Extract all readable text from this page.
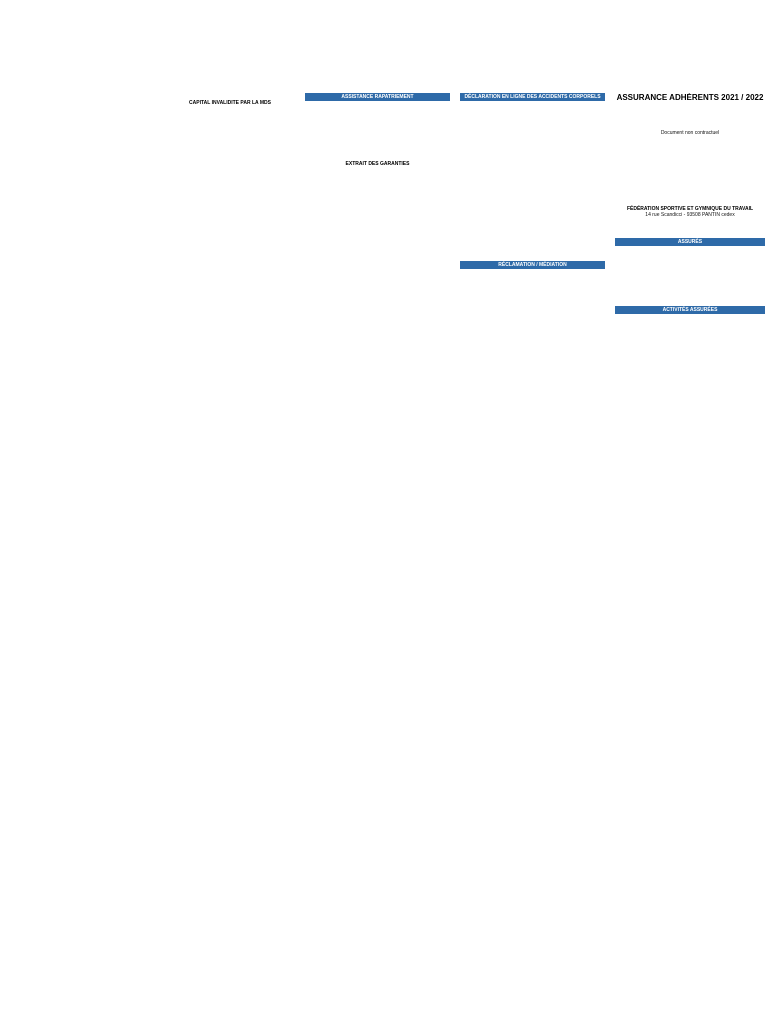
CAPITAL INVALIDITÉ PAR LA MDS
ASSISTANCE RAPATRIEMENT
EXTRAIT DES GARANTIES
DÉCLARATION EN LIGNE DES ACCIDENTS CORPORELS
RÉCLAMATION / MÉDIATION
ASSURANCE ADHÉRENTS 2021 / 2022
Document non contractuel
FÉDÉRATION SPORTIVE ET GYMNIQUE DU TRAVAIL
14 rue Scandicci - 93508 PANTIN cedex
ASSURÉS
ACTIVITÉS ASSURÉES
